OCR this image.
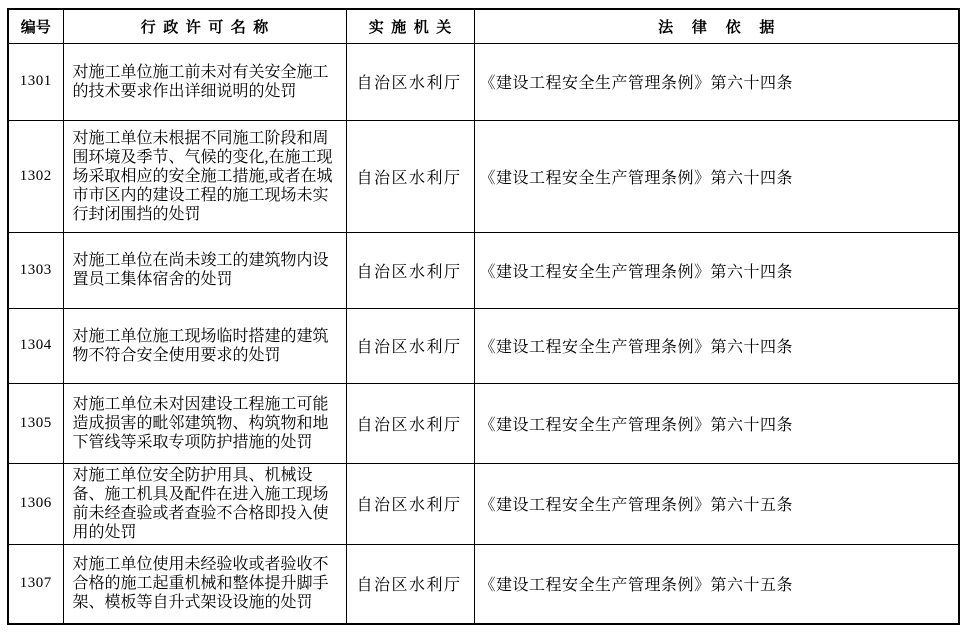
编号	行  政  许  可  名  称	实  施  机  关	法     律     依     据
1301	对施工单位施工前未对有关安全施工的技术要求作出详细说明的处罚	自治区水利厅	《建设工程安全生产管理条例》第六十四条
1302	对施工单位未根据不同施工阶段和周围环境及季节、气候的变化,在施工现场采取相应的安全施工措施,或者在城市市区内的建设工程的施工现场未实行封闭围挡的处罚	自治区水利厅	《建设工程安全生产管理条例》第六十四条
1303	对施工单位在尚未竣工的建筑物内设置员工集体宿舍的处罚	自治区水利厅	《建设工程安全生产管理条例》第六十四条
1304	对施工单位施工现场临时搭建的建筑物不符合安全使用要求的处罚	自治区水利厅	《建设工程安全生产管理条例》第六十四条
1305	对施工单位未对因建设工程施工可能造成损害的毗邻建筑物、构筑物和地下管线等采取专项防护措施的处罚	自治区水利厅	《建设工程安全生产管理条例》第六十四条
1306	对施工单位安全防护用具、机械设备、施工机具及配件在进入施工现场前未经查验或者查验不合格即投入使用的处罚	自治区水利厅	《建设工程安全生产管理条例》第六十五条
1307	对施工单位使用未经验收或者验收不合格的施工起重机械和整体提升脚手架、模板等自升式架设设施的处罚	自治区水利厅	《建设工程安全生产管理条例》第六十五条
